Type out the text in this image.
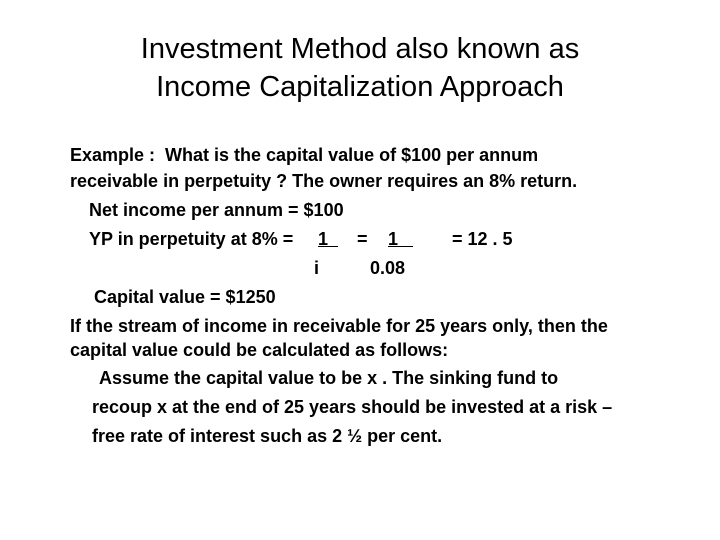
Investment Method also known as
Income Capitalization Approach
Example :  What is the capital value of $100 per annum
receivable in perpetuity ? The owner requires an 8% return.
Net income per annum = $100
YP in perpetuity at 8% = 1 = 1 = 12 . 5
i	0.08
Capital value = $1250
If the stream of income in receivable for 25 years only, then the
capital value could be calculated as follows:
Assume the capital value to be x . The sinking fund to
recoup x at the end of 25 years should be invested at a risk –
free rate of interest such as 2 ½ per cent.
